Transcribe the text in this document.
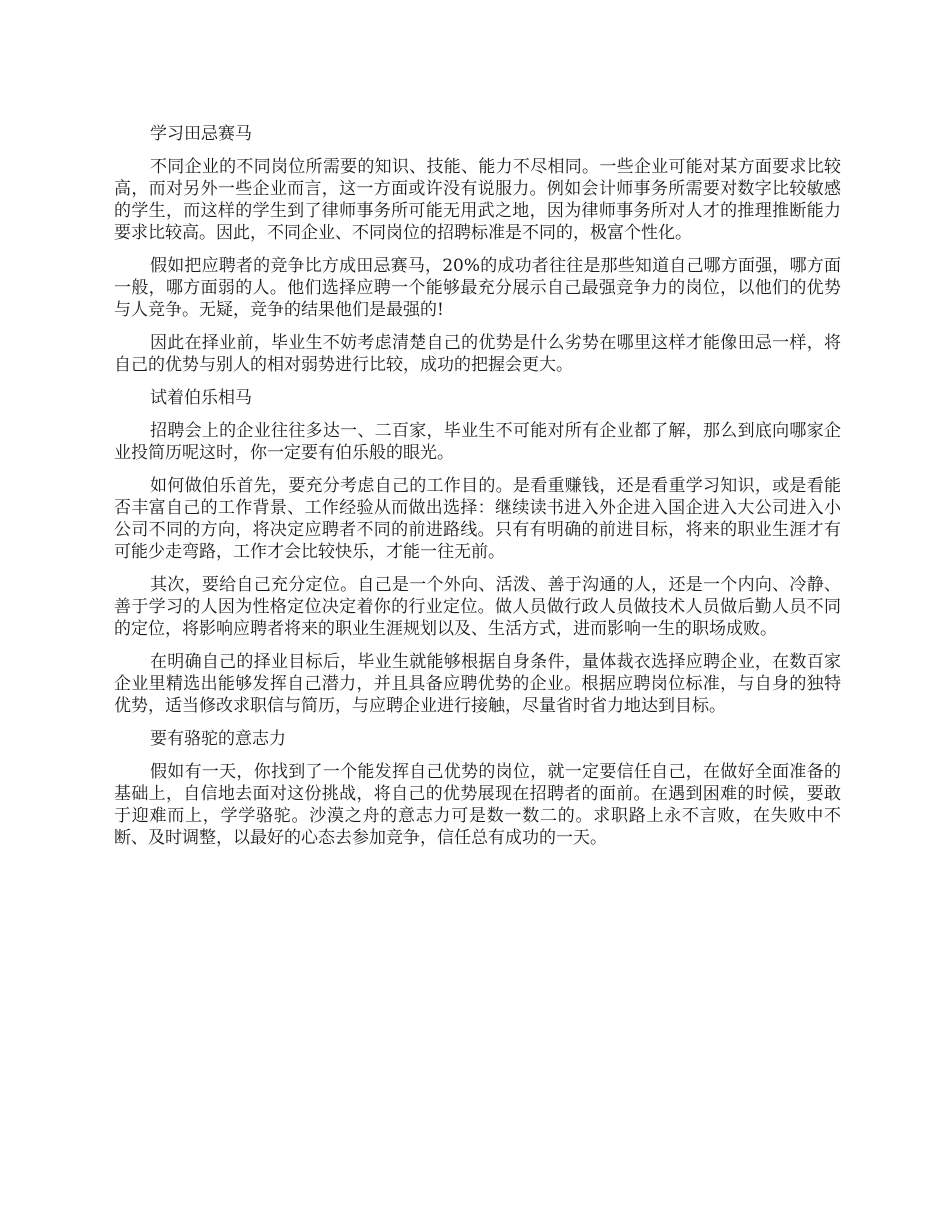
学习田忌赛马

不同企业的不同岗位所需要的知识、技能、能力不尽相同。一些企业可能对某方面要求比较高，而对另外一些企业而言，这一方面或许没有说服力。例如会计师事务所需要对数字比较敏感的学生，而这样的学生到了律师事务所可能无用武之地，因为律师事务所对人才的推理推断能力要求比较高。因此，不同企业、不同岗位的招聘标准是不同的，极富个性化。

假如把应聘者的竞争比方成田忌赛马，20%的成功者往往是那些知道自己哪方面强，哪方面一般，哪方面弱的人。他们选择应聘一个能够最充分展示自己最强竞争力的岗位，以他们的优势与人竞争。无疑，竞争的结果他们是最强的!

因此在择业前，毕业生不妨考虑清楚自己的优势是什么劣势在哪里这样才能像田忌一样，将自己的优势与别人的相对弱势进行比较，成功的把握会更大。

试着伯乐相马

招聘会上的企业往往多达一、二百家，毕业生不可能对所有企业都了解，那么到底向哪家企业投简历呢这时，你一定要有伯乐般的眼光。

如何做伯乐首先，要充分考虑自己的工作目的。是看重赚钱，还是看重学习知识，或是看能否丰富自己的工作背景、工作经验从而做出选择：继续读书进入外企进入国企进入大公司进入小公司不同的方向，将决定应聘者不同的前进路线。只有有明确的前进目标，将来的职业生涯才有可能少走弯路，工作才会比较快乐，才能一往无前。

其次，要给自己充分定位。自己是一个外向、活泼、善于沟通的人，还是一个内向、冷静、善于学习的人因为性格定位决定着你的行业定位。做人员做行政人员做技术人员做后勤人员不同的定位，将影响应聘者将来的职业生涯规划以及、生活方式，进而影响一生的职场成败。

在明确自己的择业目标后，毕业生就能够根据自身条件，量体裁衣选择应聘企业，在数百家企业里精选出能够发挥自己潜力，并且具备应聘优势的企业。根据应聘岗位标准，与自身的独特优势，适当修改求职信与简历，与应聘企业进行接触，尽量省时省力地达到目标。

要有骆驼的意志力

假如有一天，你找到了一个能发挥自己优势的岗位，就一定要信任自己，在做好全面准备的基础上，自信地去面对这份挑战，将自己的优势展现在招聘者的面前。在遇到困难的时候，要敢于迎难而上，学学骆驼。沙漠之舟的意志力可是数一数二的。求职路上永不言败，在失败中不断、及时调整，以最好的心态去参加竞争，信任总有成功的一天。
